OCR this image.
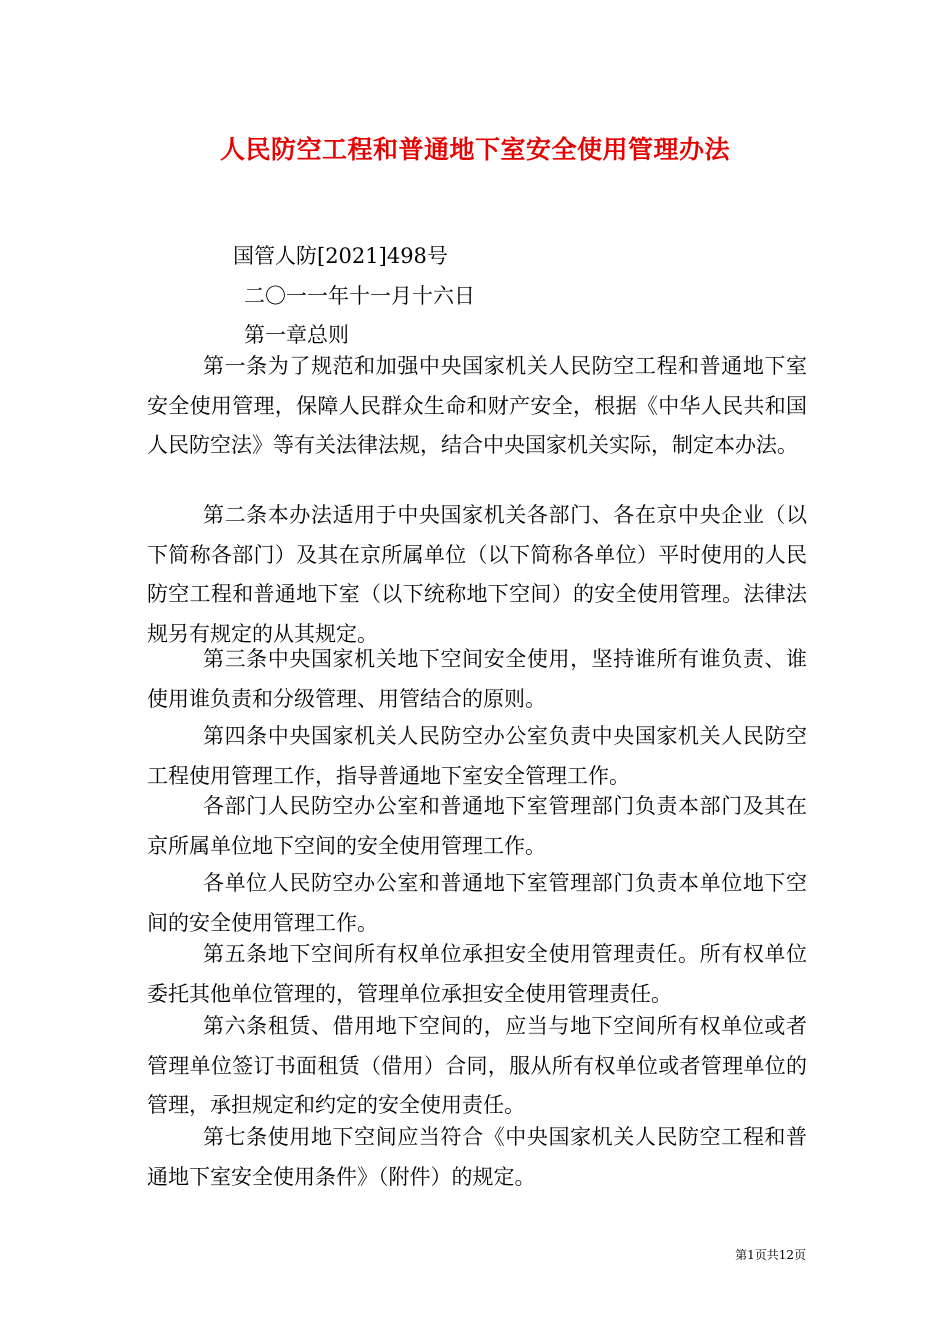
人民防空工程和普通地下室安全使用管理办法
国管人防[2021]498号
二〇一一年十一月十六日
第一章总则
第一条为了规范和加强中央国家机关人民防空工程和普通地下室安全使用管理，保障人民群众生命和财产安全，根据《中华人民共和国人民防空法》等有关法律法规，结合中央国家机关实际，制定本办法。
第二条本办法适用于中央国家机关各部门、各在京中央企业（以下简称各部门）及其在京所属单位（以下简称各单位）平时使用的人民防空工程和普通地下室（以下统称地下空间）的安全使用管理。法律法规另有规定的从其规定。
第三条中央国家机关地下空间安全使用，坚持谁所有谁负责、谁使用谁负责和分级管理、用管结合的原则。
第四条中央国家机关人民防空办公室负责中央国家机关人民防空工程使用管理工作，指导普通地下室安全管理工作。
各部门人民防空办公室和普通地下室管理部门负责本部门及其在京所属单位地下空间的安全使用管理工作。
各单位人民防空办公室和普通地下室管理部门负责本单位地下空间的安全使用管理工作。
第五条地下空间所有权单位承担安全使用管理责任。所有权单位委托其他单位管理的，管理单位承担安全使用管理责任。
第六条租赁、借用地下空间的，应当与地下空间所有权单位或者管理单位签订书面租赁（借用）合同，服从所有权单位或者管理单位的管理，承担规定和约定的安全使用责任。
第七条使用地下空间应当符合《中央国家机关人民防空工程和普通地下室安全使用条件》（附件）的规定。
第1页共12页
